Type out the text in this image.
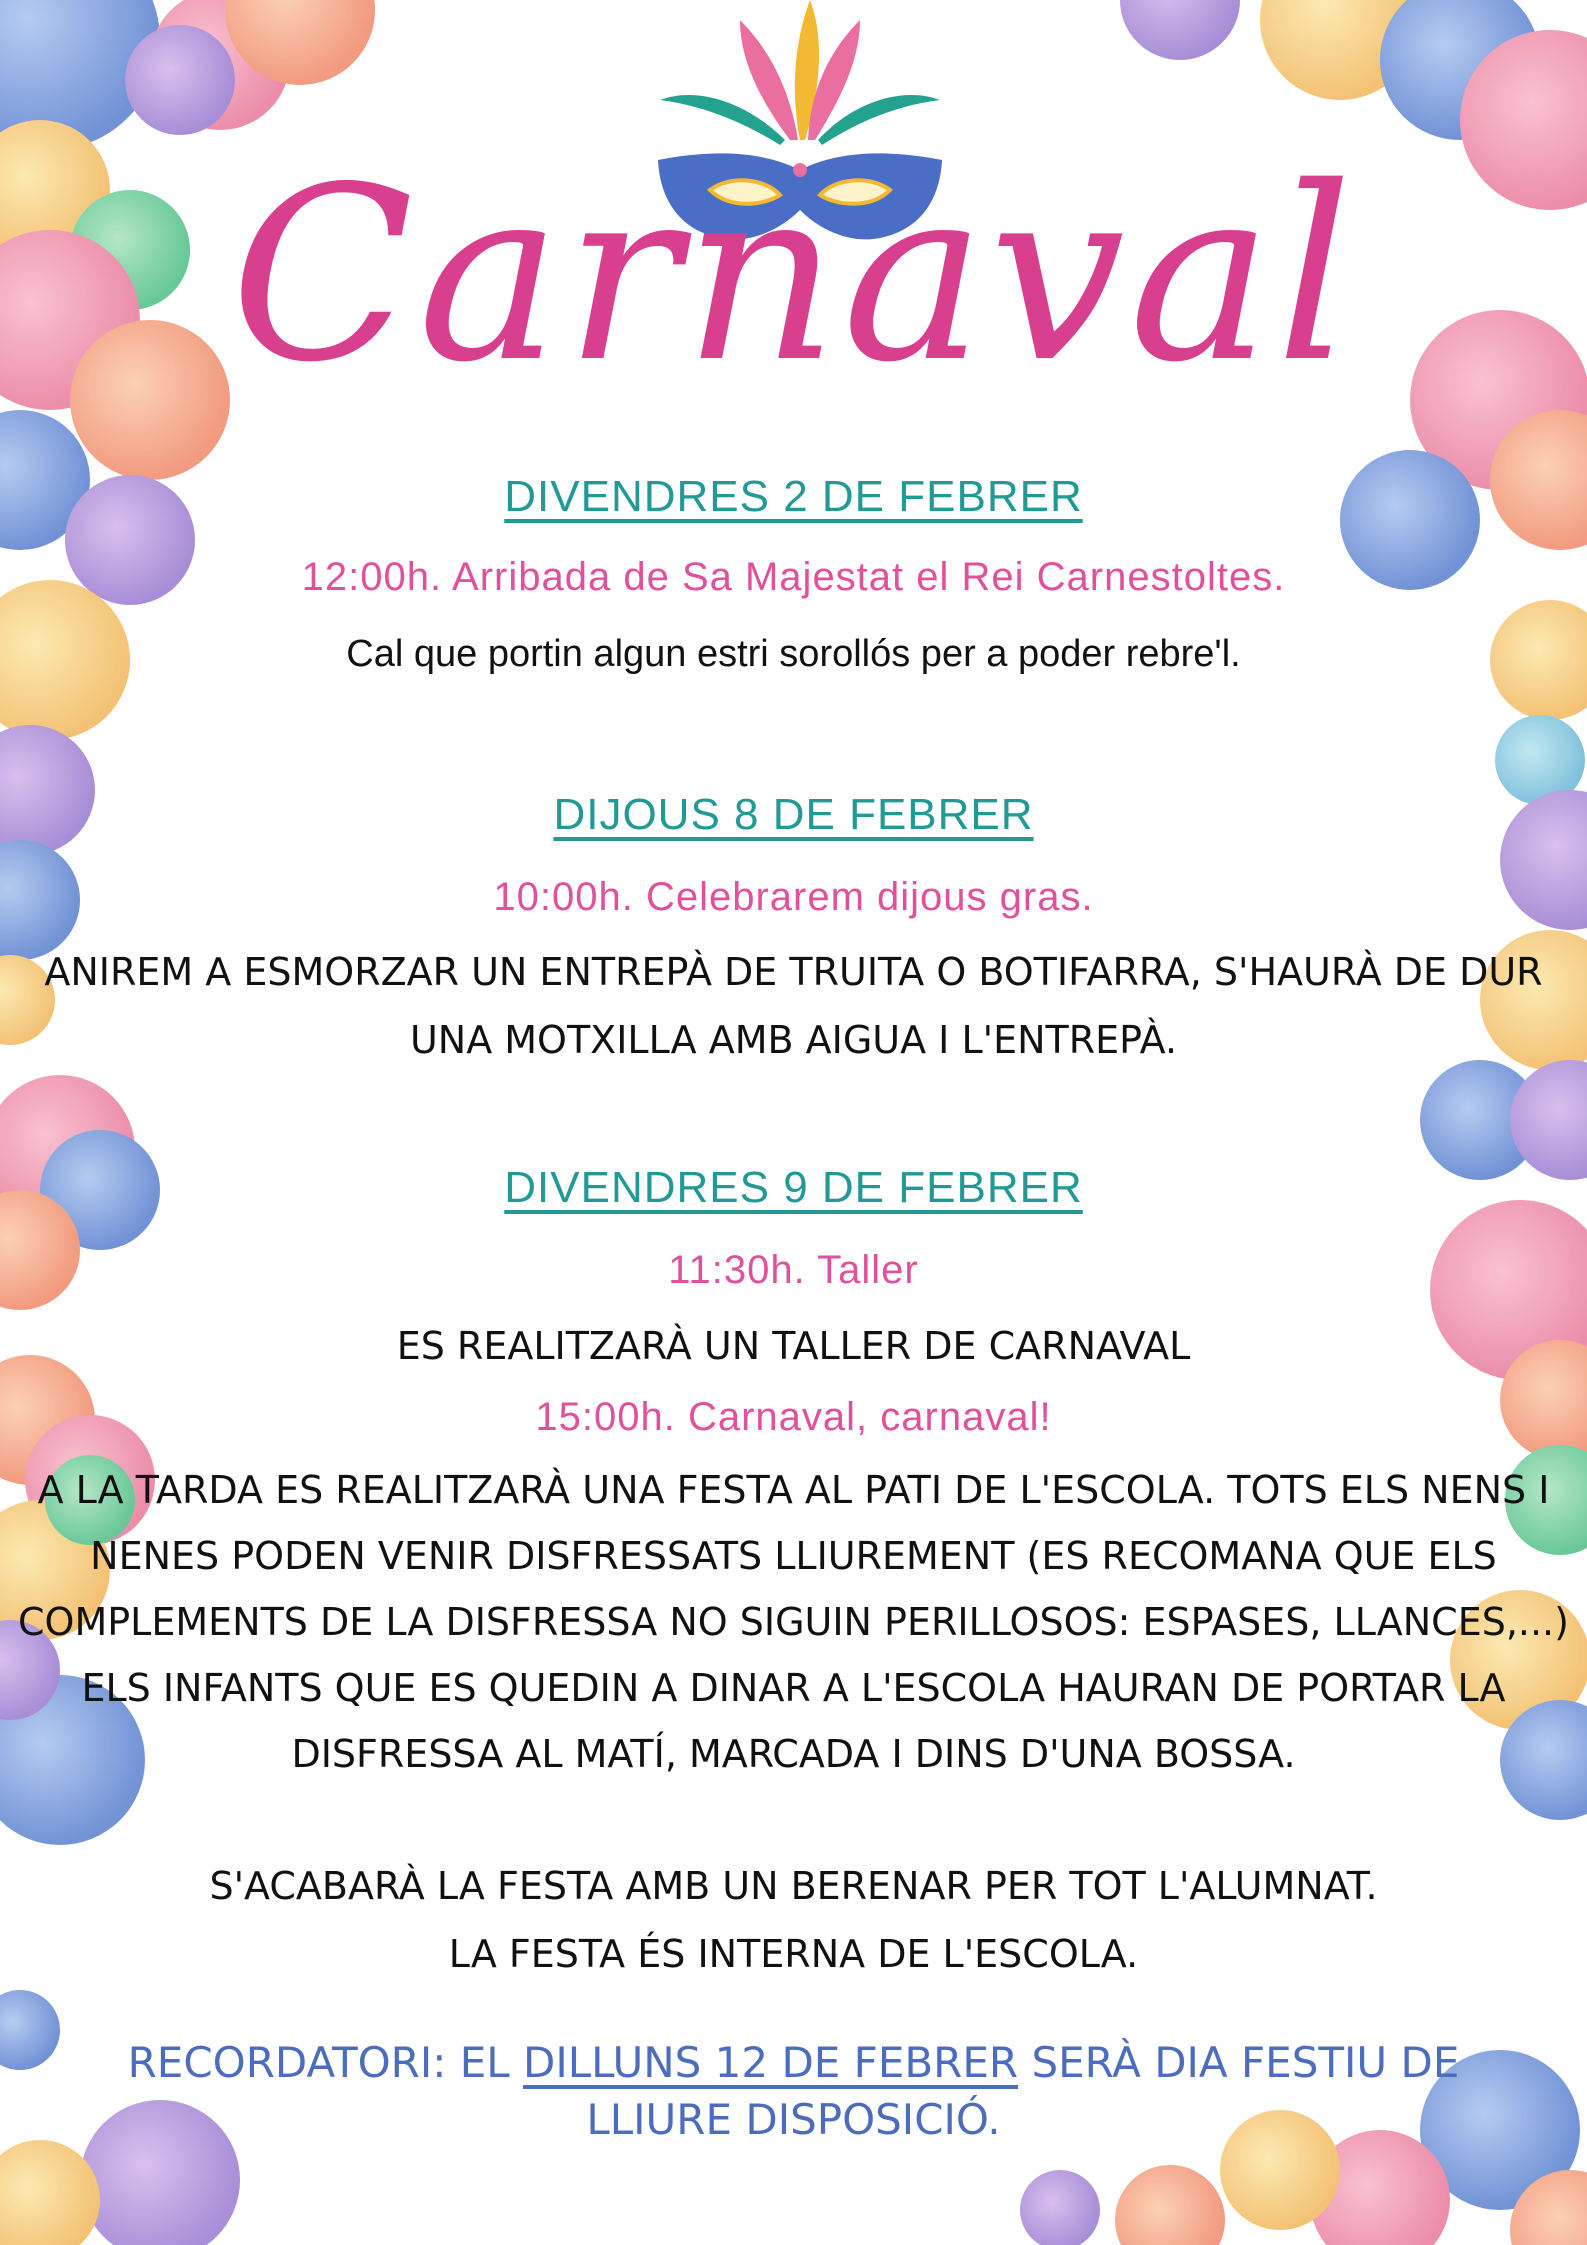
Carnaval
DIVENDRES 2 DE FEBRER
12:00h. Arribada de Sa Majestat el Rei Carnestoltes.
Cal que portin algun estri sorollós per a poder rebre'l.
DIJOUS 8 DE FEBRER
10:00h. Celebrarem dijous gras.
ANIREM A ESMORZAR UN ENTREPÀ DE TRUITA O BOTIFARRA, S'HAURÀ DE DUR
UNA MOTXILLA AMB AIGUA I L'ENTREPÀ.
DIVENDRES 9 DE FEBRER
11:30h. Taller
ES REALITZARÀ UN TALLER DE CARNAVAL
15:00h. Carnaval, carnaval!
A LA TARDA ES REALITZARÀ UNA FESTA AL PATI DE L'ESCOLA. TOTS ELS NENS I
NENES PODEN VENIR DISFRESSATS LLIUREMENT (ES RECOMANA QUE ELS
COMPLEMENTS DE LA DISFRESSA NO SIGUIN PERILLOSOS: ESPASES, LLANCES,...)
ELS INFANTS QUE ES QUEDIN A DINAR A L'ESCOLA HAURAN DE PORTAR LA
DISFRESSA AL MATÍ, MARCADA I DINS D'UNA BOSSA.
S'ACABARÀ LA FESTA AMB UN BERENAR PER TOT L'ALUMNAT.
LA FESTA ÉS INTERNA DE L'ESCOLA.
RECORDATORI: EL DILLUNS 12 DE FEBRER SERÀ DIA FESTIU DE
LLIURE DISPOSICIÓ.
